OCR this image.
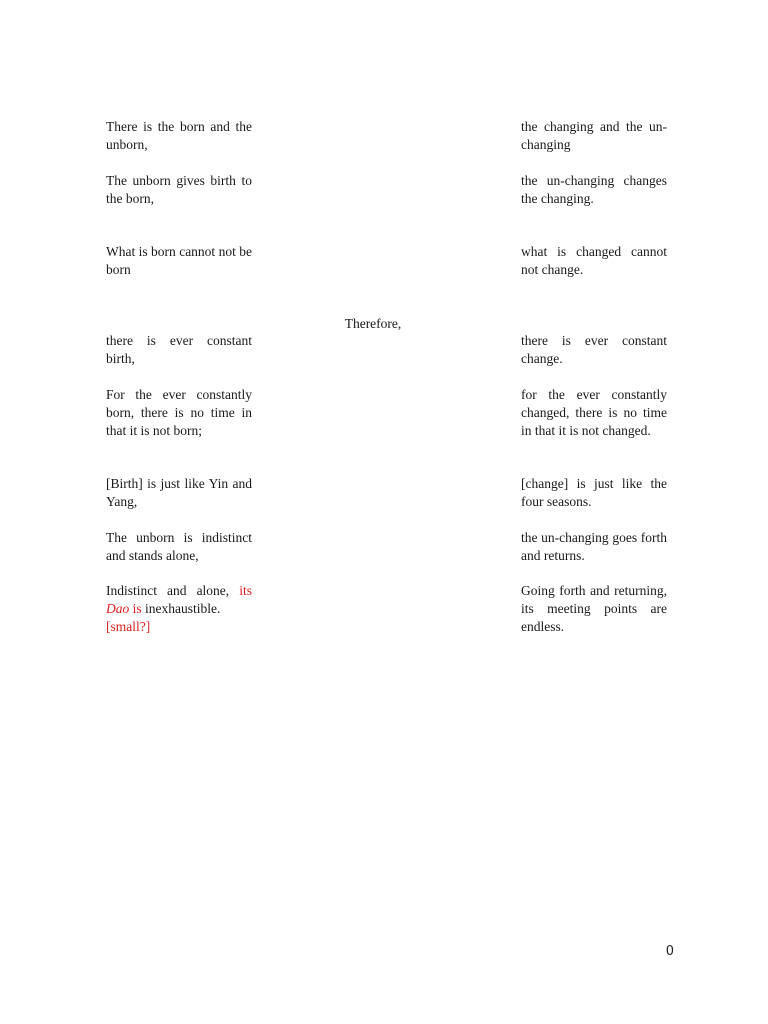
There is the born and the unborn,

The unborn gives birth to the born,

What is born cannot not be born

Therefore,

there is ever constant birth,

For the ever constantly born, there is no time in that it is not born;

[Birth] is just like Yin and Yang,

The unborn is indistinct and stands alone,

Indistinct and alone, its Dao is inexhaustible.
[small?]

the changing and the un-changing

the un-changing changes the changing.

what is changed cannot not change.

there is ever constant change.

for the ever constantly changed, there is no time in that it is not changed.

[change] is just like the four seasons.

the un-changing goes forth and returns.

Going forth and returning, its meeting points are endless.

0
